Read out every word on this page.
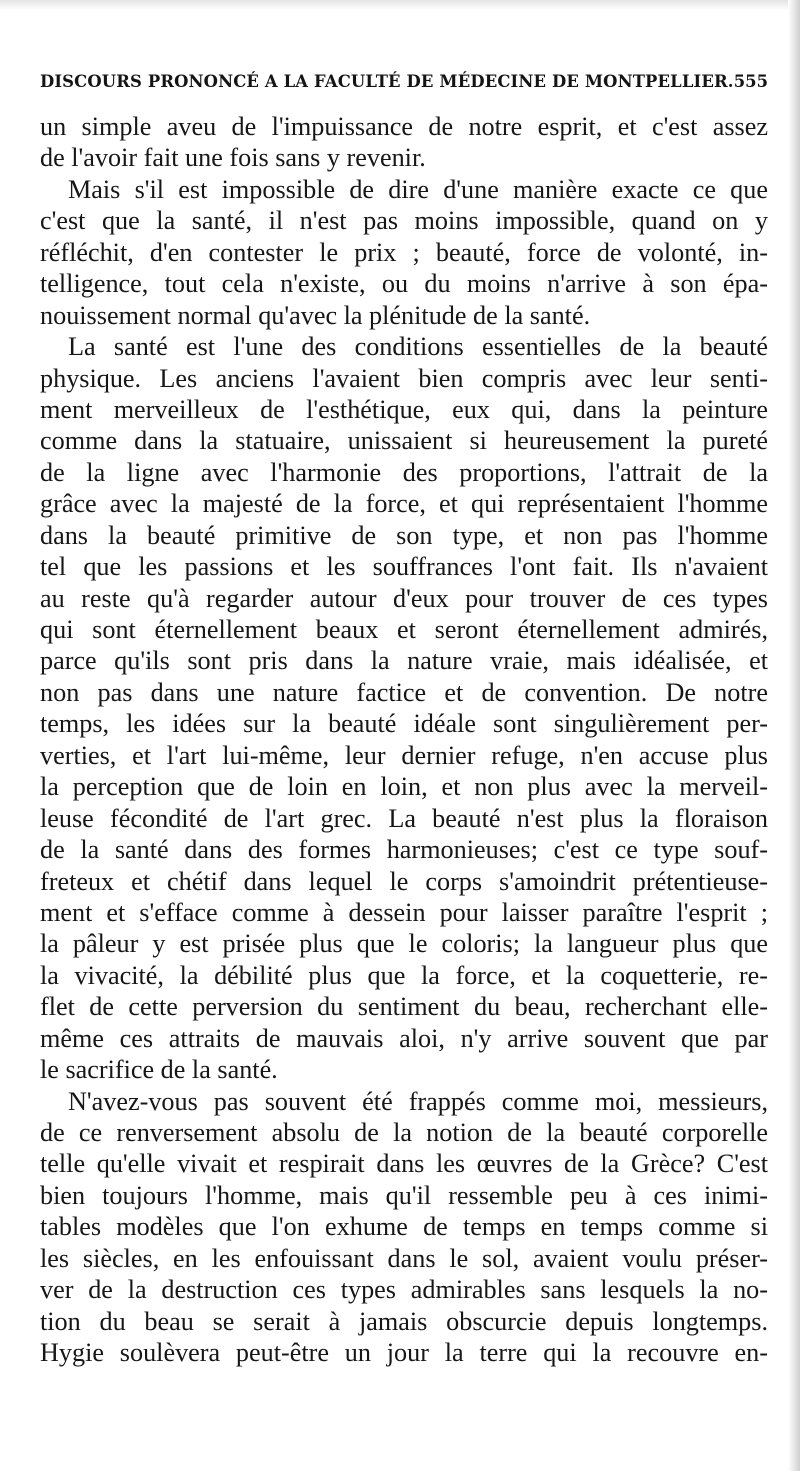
DISCOURS PRONONCÉ A LA FACULTÉ DE MÉDECINE DE MONTPELLIER. 555
un simple aveu de l'impuissance de notre esprit, et c'est assez
de l'avoir fait une fois sans y revenir.
Mais s'il est impossible de dire d'une manière exacte ce que
c'est que la santé, il n'est pas moins impossible, quand on y
réfléchit, d'en contester le prix ; beauté, force de volonté, in-
telligence, tout cela n'existe, ou du moins n'arrive à son épa-
nouissement normal qu'avec la plénitude de la santé.
La santé est l'une des conditions essentielles de la beauté
physique. Les anciens l'avaient bien compris avec leur senti-
ment merveilleux de l'esthétique, eux qui, dans la peinture
comme dans la statuaire, unissaient si heureusement la pureté
de la ligne avec l'harmonie des proportions, l'attrait de la
grâce avec la majesté de la force, et qui représentaient l'homme
dans la beauté primitive de son type, et non pas l'homme
tel que les passions et les souffrances l'ont fait. Ils n'avaient
au reste qu'à regarder autour d'eux pour trouver de ces types
qui sont éternellement beaux et seront éternellement admirés,
parce qu'ils sont pris dans la nature vraie, mais idéalisée, et
non pas dans une nature factice et de convention. De notre
temps, les idées sur la beauté idéale sont singulièrement per-
verties, et l'art lui-même, leur dernier refuge, n'en accuse plus
la perception que de loin en loin, et non plus avec la merveil-
leuse fécondité de l'art grec. La beauté n'est plus la floraison
de la santé dans des formes harmonieuses; c'est ce type souf-
freteux et chétif dans lequel le corps s'amoindrit prétentieuse-
ment et s'efface comme à dessein pour laisser paraître l'esprit ;
la pâleur y est prisée plus que le coloris; la langueur plus que
la vivacité, la débilité plus que la force, et la coquetterie, re-
flet de cette perversion du sentiment du beau, recherchant elle-
même ces attraits de mauvais aloi, n'y arrive souvent que par
le sacrifice de la santé.
N'avez-vous pas souvent été frappés comme moi, messieurs,
de ce renversement absolu de la notion de la beauté corporelle
telle qu'elle vivait et respirait dans les œuvres de la Grèce? C'est
bien toujours l'homme, mais qu'il ressemble peu à ces inimi-
tables modèles que l'on exhume de temps en temps comme si
les siècles, en les enfouissant dans le sol, avaient voulu préser-
ver de la destruction ces types admirables sans lesquels la no-
tion du beau se serait à jamais obscurcie depuis longtemps.
Hygie soulèvera peut-être un jour la terre qui la recouvre en-
